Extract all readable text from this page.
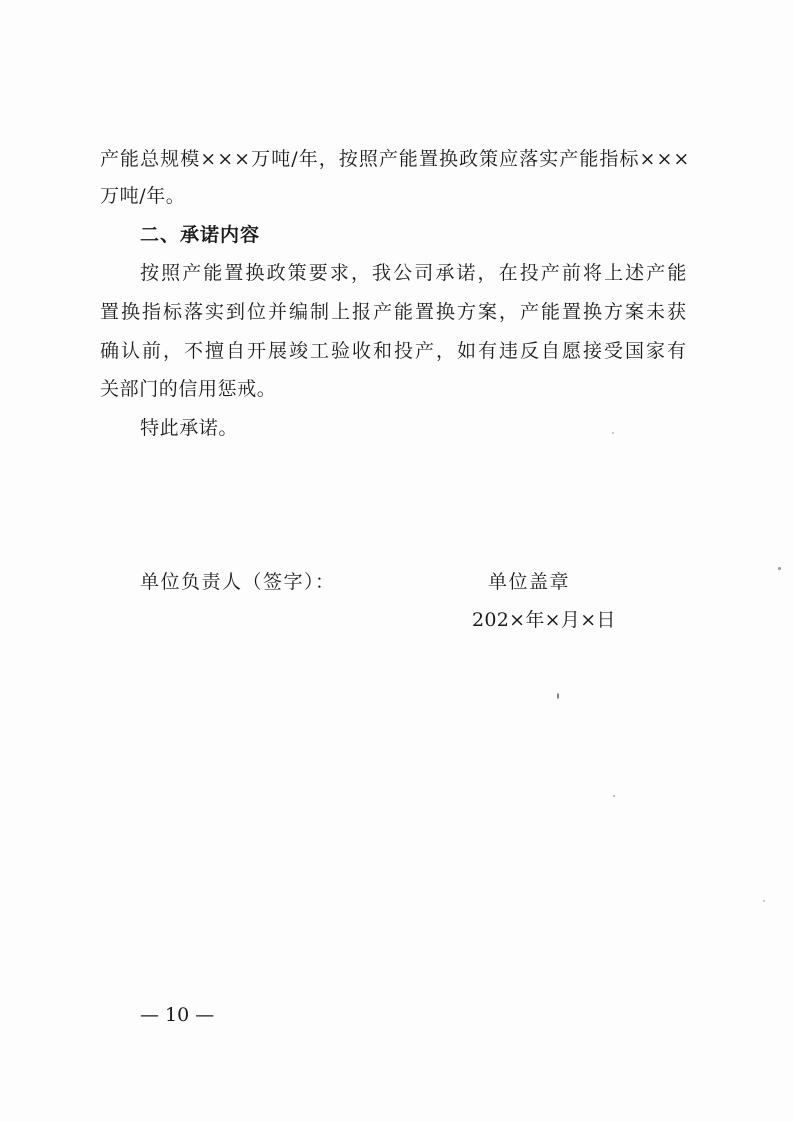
产 能 总 规 模 × × × 万 吨 / 年 ， 按 照 产 能 置 换 政 策 应 落 实 产 能 指 标 × × ×
万吨/年。
二、承诺内容
按 照 产 能 置 换 政 策 要 求 ， 我 公 司 承 诺 ， 在 投 产 前 将 上 述 产 能
置 换 指 标 落 实 到 位 并 编 制 上 报 产 能 置 换 方 案 ， 产 能 置 换 方 案 未 获
确 认 前 ， 不 擅 自 开 展 竣 工 验 收 和 投 产 ， 如 有 违 反 自 愿 接 受 国 家 有
关部门的信用惩戒。
特此承诺。
单位负责人（签字）：	单位盖章
202×年×月×日
— 10 —
